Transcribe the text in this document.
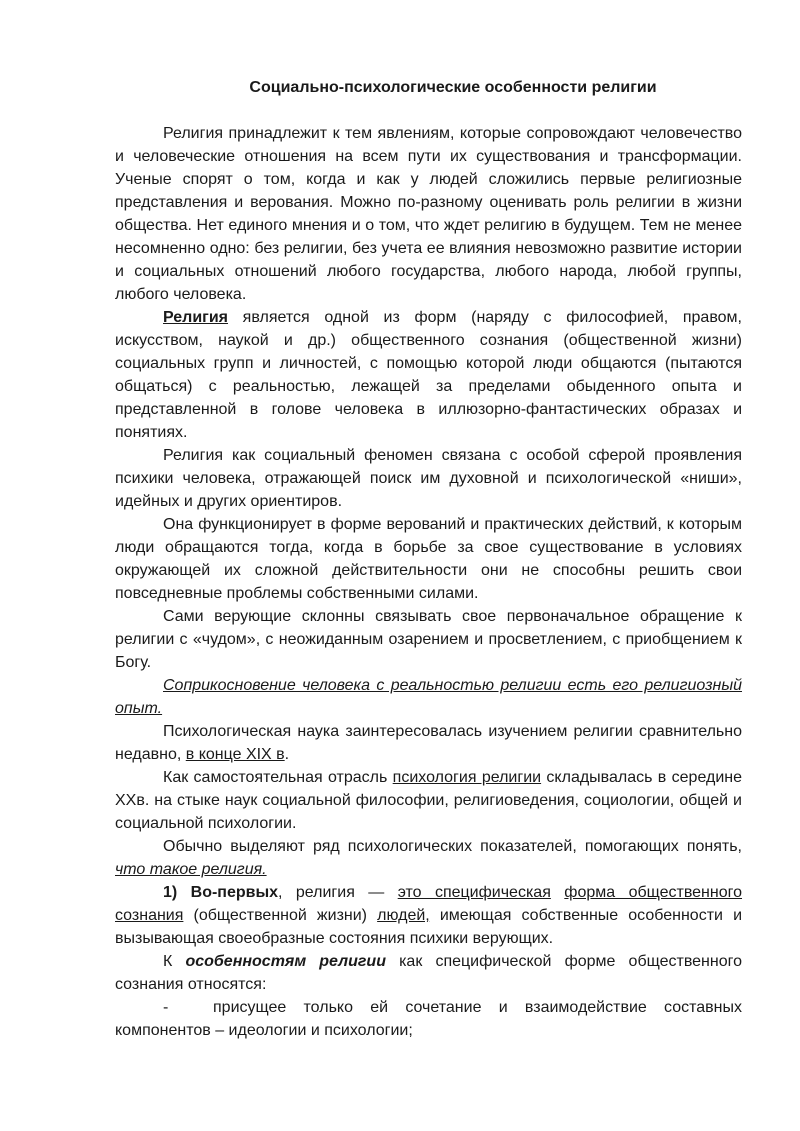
Социально-психологические особенности религии

Религия принадлежит к тем явлениям, которые сопровождают человечество и человеческие отношения на всем пути их существования и трансформации. Ученые спорят о том, когда и как у людей сложились первые религиозные представления и верования. Можно по-разному оценивать роль религии в жизни общества. Нет единого мнения и о том, что ждет религию в будущем. Тем не менее несомненно одно: без религии, без учета ее влияния невозможно развитие истории и социальных отношений любого государства, любого народа, любой группы, любого человека.

Религия является одной из форм (наряду с философией, правом, искусством, наукой и др.) общественного сознания (общественной жизни) социальных групп и личностей, с помощью которой люди общаются (пытаются общаться) с реальностью, лежащей за пределами обыденного опыта и представленной в голове человека в иллюзорно-фантастических образах и понятиях.

Религия как социальный феномен связана с особой сферой проявления психики человека, отражающей поиск им духовной и психологической «ниши», идейных и других ориентиров.

Она функционирует в форме верований и практических действий, к которым люди обращаются тогда, когда в борьбе за свое существование в условиях окружающей их сложной действительности они не способны решить свои повседневные проблемы собственными силами.

Сами верующие склонны связывать свое первоначальное обращение к религии с «чудом», с неожиданным озарением и просветлением, с приобщением к Богу.

Соприкосновение человека с реальностью религии есть его религиозный опыт.

Психологическая наука заинтересовалась изучением религии сравнительно недавно, в конце XIX в.

Как самостоятельная отрасль психология религии складывалась в середине XXв. на стыке наук социальной философии, религиоведения, социологии, общей и социальной психологии.

Обычно выделяют ряд психологических показателей, помогающих понять, что такое религия.

1) Во-первых, религия — это специфическая форма общественного сознания (общественной жизни) людей, имеющая собственные особенности и вызывающая своеобразные состояния психики верующих.

К особенностям религии как специфической форме общественного сознания относятся:

-	присущее только ей сочетание и взаимодействие составных компонентов – идеологии и психологии;
